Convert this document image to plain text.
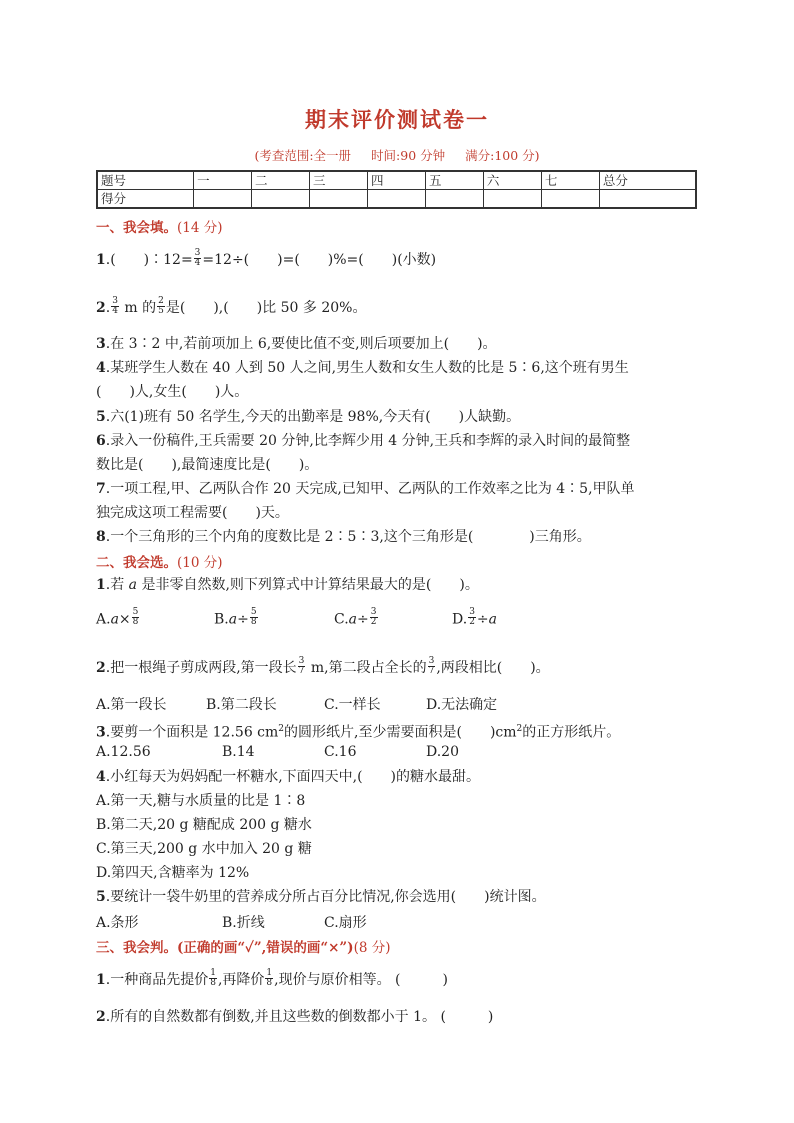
期末评价测试卷一
(考查范围:全一册 时间:90 分钟 满分:100 分)
题号	一	二	三	四	五	六	七	总分
得分								
一、我会填。(14 分)
1.(　　)∶12= $\frac{3}{4} =12\div$(　　)=(　　)%=(　　)(小数)
2. $\frac{3}{4}$ m 的 $\frac{2}{5}$ 是(　　),(　　)比 50 多 20%。
3.在 3∶2 中,若前项加上 6,要使比值不变,则后项要加上(　　)。
4.某班学生人数在 40 人到 50 人之间,男生人数和女生人数的比是 5∶6,这个班有男生
(　　)人,女生(　　)人。
5.六(1)班有 50 名学生,今天的出勤率是 98%,今天有(　　)人缺勤。
6.录入一份稿件,王兵需要 20 分钟,比李辉少用 4 分钟,王兵和李辉的录入时间的最简整
数比是(　　),最简速度比是(　　)。
7.一项工程,甲、乙两队合作 20 天完成,已知甲、乙两队的工作效率之比为 4∶5,甲队单
独完成这项工程需要(　　)天。
8.一个三角形的三个内角的度数比是 2∶5∶3,这个三角形是(　　　　)三角形。
二、我会选。(10 分)
1.若 a 是非零自然数,则下列算式中计算结果最大的是(　　)。
$A.a\times \frac{5}{8}$	$B.a\div \frac{5}{8}$	$C.a\div \frac{3}{2}$	D. $\frac{3}{2} \div a$
2.把一根绳子剪成两段,第一段长 $\frac{3}{7} m$,第二段占全长的 $\frac{3}{7}$ ,两段相比(　　)。
A.第一段长	B.第二段长	C.一样长	D.无法确定
3.要剪一个面积是 12.56 $cm^2$的圆形纸片,至少需要面积是(　　)$cm^2$的正方形纸片。
A.12.56	B.14	C.16	D.20
4.小红每天为妈妈配一杯糖水,下面四天中,(　　)的糖水最甜。
A.第一天,糖与水质量的比是 1∶8
B.第二天,20 g 糖配成 200 g 糖水
C.第三天,200 g 水中加入 20 g 糖
D.第四天,含糖率为 12%
5.要统计一袋牛奶里的营养成分所占百分比情况,你会选用(　　)统计图。
A.条形	B.折线	C.扇形
三、我会判。(正确的画“✓”,错误的画“×”)(8 分)
1.一种商品先提价 $\frac{1}{8}$ ,再降价 $\frac{1}{8}$ ,现价与原价相等。 (　　　)
2.所有的自然数都有倒数,并且这些数的倒数都小于 1。 (　　　)
